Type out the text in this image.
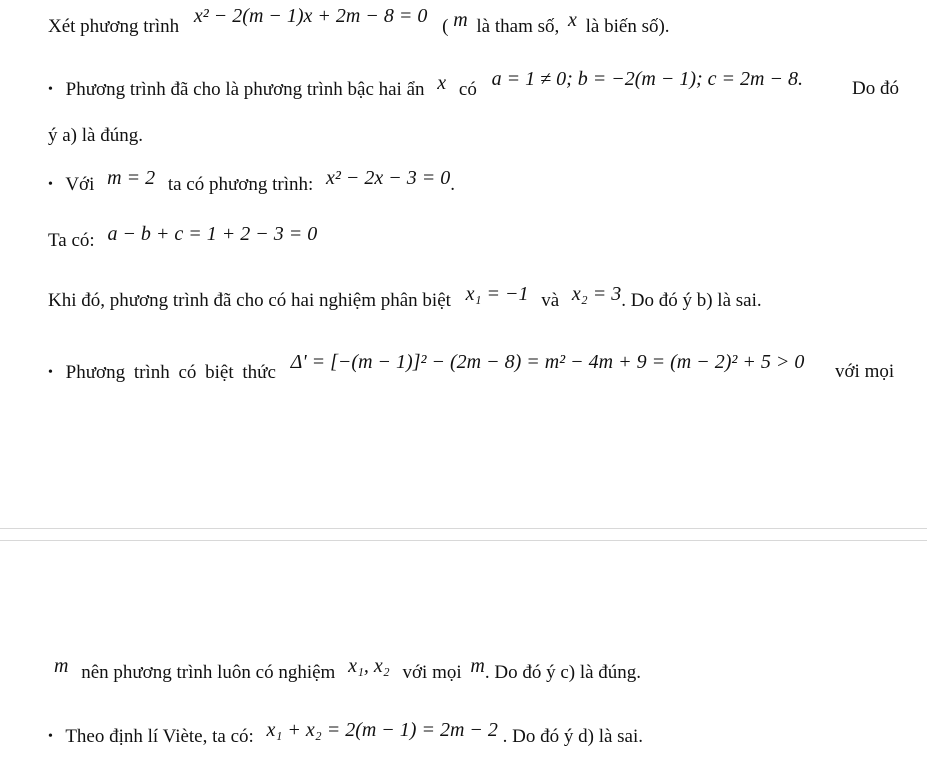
Xét phương trình x² − 2(m − 1)x + 2m − 8 = 0 ( m là tham số, x là biến số).
• Phương trình đã cho là phương trình bậc hai ẩn x có a = 1 ≠ 0; b = −2(m − 1); c = 2m − 8.	Do đó
ý a) là đúng.
• Với m = 2 ta có phương trình: x² − 2x − 3 = 0.
Ta có: a − b + c = 1 + 2 − 3 = 0
Khi đó, phương trình đã cho có hai nghiệm phân biệt x₁ = −1 và x₂ = 3. Do đó ý b) là sai.
• Phương trình có biệt thức Δ' = [−(m − 1)]² − (2m − 8) = m² − 4m + 9 = (m − 2)² + 5 > 0 với mọi
m nên phương trình luôn có nghiệm x₁, x₂ với mọi m. Do đó ý c) là đúng.
• Theo định lí Viète, ta có: x₁ + x₂ = 2(m − 1) = 2m − 2 . Do đó ý d) là sai.
